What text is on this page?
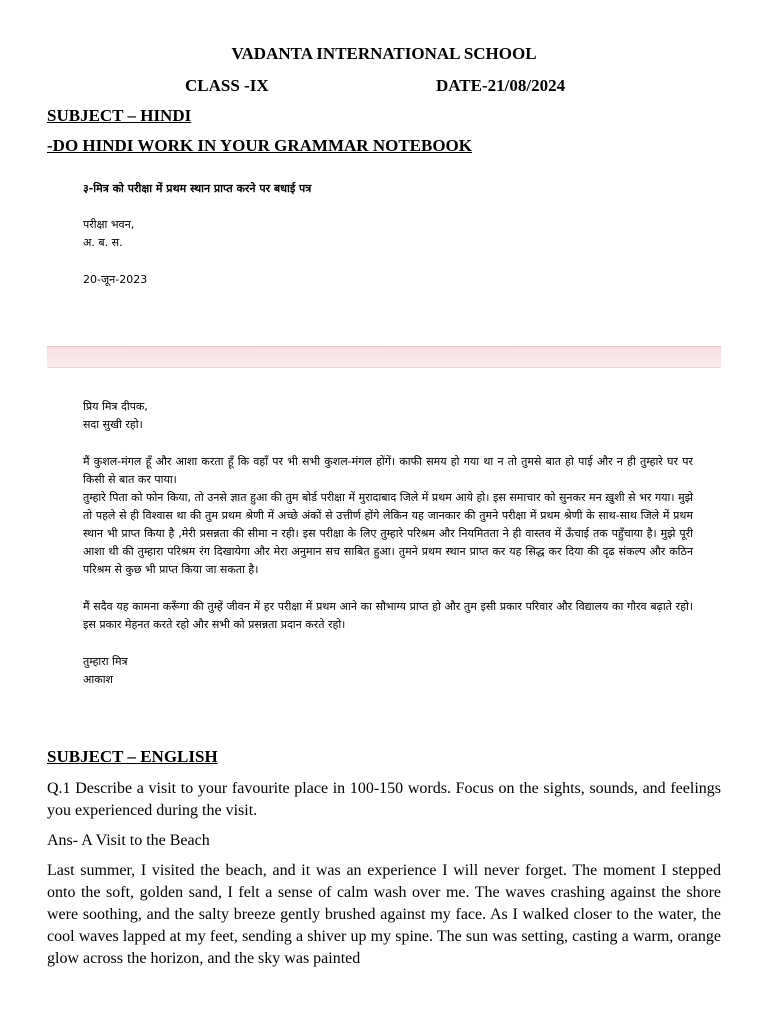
VADANTA INTERNATIONAL SCHOOL
CLASS -IX	DATE-21/08/2024
SUBJECT – HINDI
-DO HINDI WORK IN YOUR GRAMMAR NOTEBOOK
३-मित्र को परीक्षा में प्रथम स्थान प्राप्त करने पर बधाई पत्र
परीक्षा भवन,
अ. ब. स.
20-जून-2023
प्रिय मित्र दीपक,
सदा सुखी रहो।

मैं कुशल-मंगल हूँ और आशा करता हूँ कि वहाँ पर भी सभी कुशल-मंगल होंगें। काफी समय हो गया था न तो तुमसे बात हो पाई और न ही तुम्हारे घर पर किसी से बात कर पाया।

तुम्हारे पिता को फोन किया, तो उनसे ज्ञात हुआ की तुम बोर्ड परीक्षा में मुरादाबाद जिले में प्रथम आये हो। इस समाचार को सुनकर मन ख़ुशी से भर गया। मुझे तो पहले से ही विश्वास था की तुम प्रथम श्रेणी में अच्छे अंकों से उत्तीर्ण होंगे लेकिन यह जानकार की तुमने परीक्षा में प्रथम श्रेणी के साथ-साथ जिले में प्रथम स्थान भी प्राप्त किया है ,मेरी प्रसन्नता की सीमा न रही। इस परीक्षा के लिए तुम्हारे परिश्रम और नियमितता ने ही वास्तव में ऊँचाई तक पहुँचाया है। मुझे पूरी आशा थी की तुम्हारा परिश्रम रंग दिखायेगा और मेरा अनुमान सच साबित हुआ। तुमने प्रथम स्थान प्राप्त कर यह सिद्ध कर दिया की दृढ संकल्प और कठिन परिश्रम से कुछ भी प्राप्त किया जा सकता है।

मैं सदैव यह कामना करूँगा की तुम्हें जीवन में हर परीक्षा में प्रथम आने का सौभाग्य प्राप्त हो और तुम इसी प्रकार परिवार और विद्यालय का गौरव बढ़ाते रहो। इस प्रकार मेहनत करते रहो और सभी को प्रसन्नता प्रदान करते रहो।

तुम्हारा मित्र
आकाश
SUBJECT – ENGLISH

Q.1 Describe a visit to your favourite place in 100-150 words. Focus on the sights, sounds, and feelings you experienced during the visit.

Ans- A Visit to the Beach

Last summer, I visited the beach, and it was an experience I will never forget. The moment I stepped onto the soft, golden sand, I felt a sense of calm wash over me. The waves crashing against the shore were soothing, and the salty breeze gently brushed against my face. As I walked closer to the water, the cool waves lapped at my feet, sending a shiver up my spine. The sun was setting, casting a warm, orange glow across the horizon, and the sky was painted
